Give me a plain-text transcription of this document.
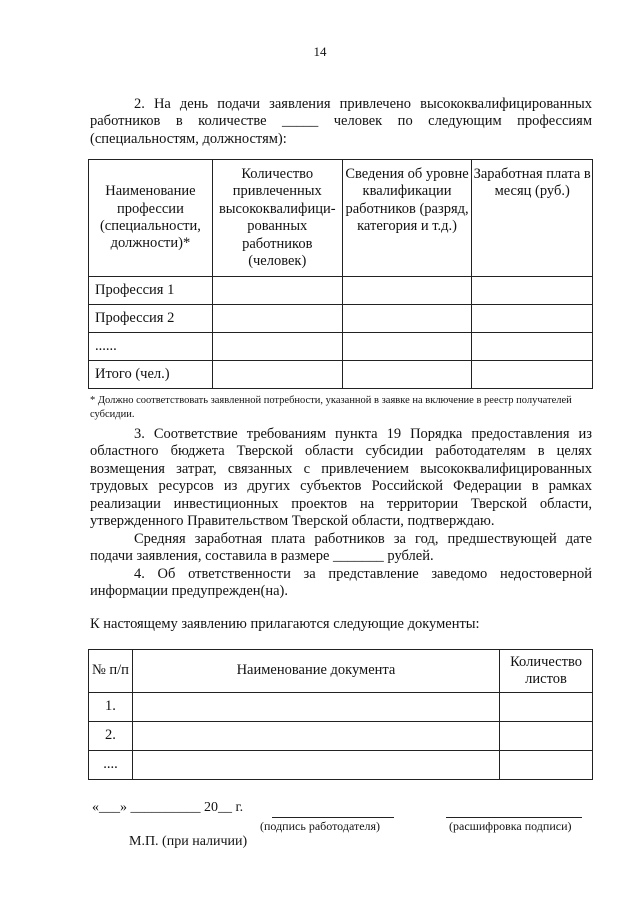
14
2. На день подачи заявления привлечено высококвалифицированных работников в количестве _____ человек по следующим профессиям (специальностям, должностям):
Наименование профессии (специальности, должности)*	Количество привлеченных высококвалифици-рованных работников (человек)	Сведения об уровне квалификации работников (разряд, категория и т.д.)	Заработная плата в месяц (руб.)
Профессия 1			
Профессия 2			
......			
Итого (чел.)			
* Должно соответствовать заявленной потребности, указанной в заявке на включение в реестр получателей субсидии.
3. Соответствие требованиям пункта 19 Порядка предоставления из областного бюджета Тверской области субсидии работодателям в целях возмещения затрат, связанных с привлечением высококвалифицированных трудовых ресурсов из других субъектов Российской Федерации в рамках реализации инвестиционных проектов на территории Тверской области, утвержденного Правительством Тверской области, подтверждаю.
Средняя заработная плата работников за год, предшествующей дате подачи заявления, составила в размере _______ рублей.
4. Об ответственности за представление заведомо недостоверной информации предупрежден(на).
К настоящему заявлению прилагаются следующие документы:
№ п/п	Наименование документа	Количество листов
1.		
2.		
....		
«___» __________ 20__ г.
(подпись работодателя)	(расшифровка подписи)
М.П. (при наличии)
